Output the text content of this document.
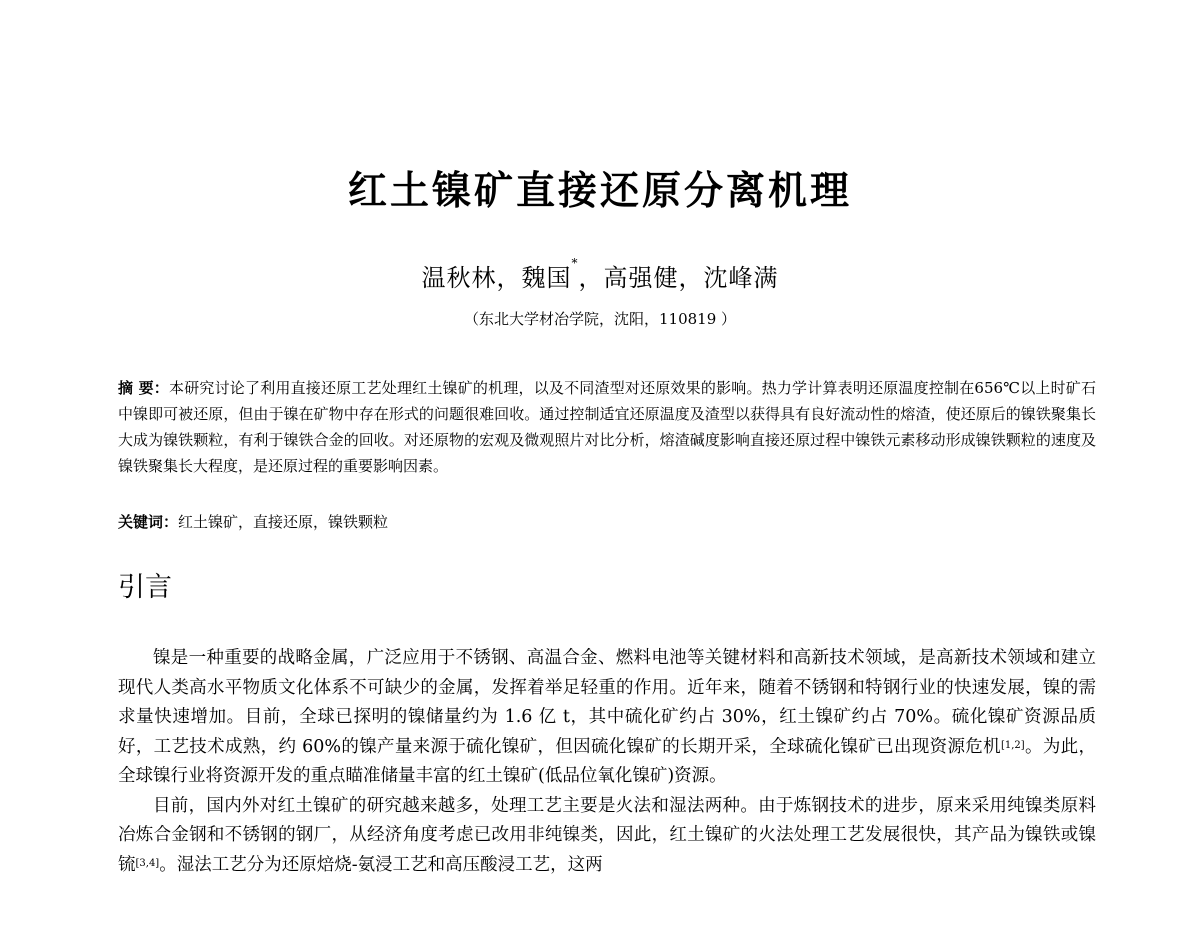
红土镍矿直接还原分离机理
温秋林，魏国*，高强健，沈峰满
（东北大学材冶学院，沈阳，110819 ）
摘 要：本研究讨论了利用直接还原工艺处理红土镍矿的机理，以及不同渣型对还原效果的影响。热力学计算表明还原温度控制在656℃以上时矿石中镍即可被还原，但由于镍在矿物中存在形式的问题很难回收。通过控制适宜还原温度及渣型以获得具有良好流动性的熔渣，使还原后的镍铁聚集长大成为镍铁颗粒，有利于镍铁合金的回收。对还原物的宏观及微观照片对比分析，熔渣碱度影响直接还原过程中镍铁元素移动形成镍铁颗粒的速度及镍铁聚集长大程度，是还原过程的重要影响因素。
关键词：红土镍矿，直接还原，镍铁颗粒
引言

镍是一种重要的战略金属，广泛应用于不锈钢、高温合金、燃料电池等关键材料和高新技术领域，是高新技术领域和建立现代人类高水平物质文化体系不可缺少的金属，发挥着举足轻重的作用。近年来，随着不锈钢和特钢行业的快速发展，镍的需求量快速增加。目前，全球已探明的镍储量约为 1.6 亿 t，其中硫化矿约占 30%，红土镍矿约占 70%。硫化镍矿资源品质好，工艺技术成熟，约 60%的镍产量来源于硫化镍矿，但因硫化镍矿的长期开采，全球硫化镍矿已出现资源危机[1,2]。为此，全球镍行业将资源开发的重点瞄准储量丰富的红土镍矿(低品位氧化镍矿)资源。

目前，国内外对红土镍矿的研究越来越多，处理工艺主要是火法和湿法两种。由于炼钢技术的进步，原来采用纯镍类原料冶炼合金钢和不锈钢的钢厂，从经济角度考虑已改用非纯镍类，因此，红土镍矿的火法处理工艺发展很快，其产品为镍铁或镍锍[3,4]。湿法工艺分为还原焙烧-氨浸工艺和高压酸浸工艺，这两
